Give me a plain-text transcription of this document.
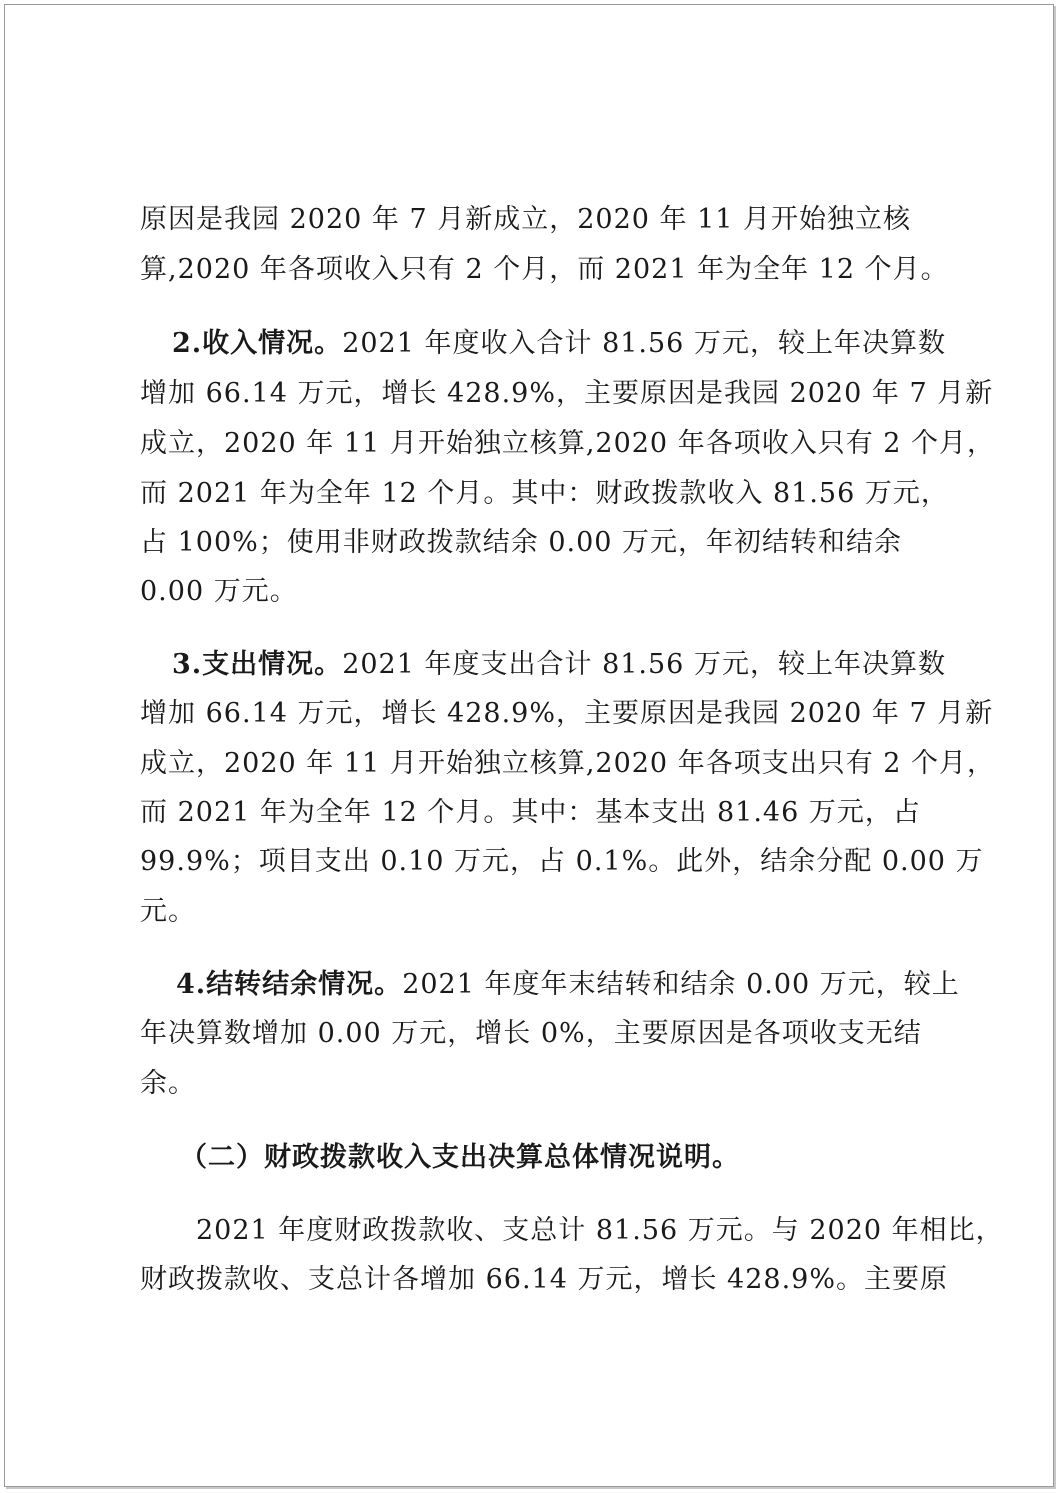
原因是我园 2020 年 7 月新成立，2020 年 11 月开始独立核
算,2020 年各项收入只有 2 个月，而 2021 年为全年 12 个月。
2.收入情况。2021 年度收入合计 81.56 万元，较上年决算数
增加 66.14 万元，增长 428.9%，主要原因是我园 2020 年 7 月新
成立，2020 年 11 月开始独立核算,2020 年各项收入只有 2 个月，
而 2021 年为全年 12 个月。其中：财政拨款收入 81.56 万元，
占 100%；使用非财政拨款结余 0.00 万元，年初结转和结余
0.00 万元。
3.支出情况。2021 年度支出合计 81.56 万元，较上年决算数
增加 66.14 万元，增长 428.9%，主要原因是我园 2020 年 7 月新
成立，2020 年 11 月开始独立核算,2020 年各项支出只有 2 个月，
而 2021 年为全年 12 个月。其中：基本支出 81.46 万元，占
99.9%；项目支出 0.10 万元，占 0.1%。此外，结余分配 0.00 万
元。
4.结转结余情况。2021 年度年末结转和结余 0.00 万元，较上
年决算数增加 0.00 万元，增长 0%，主要原因是各项收支无结
余。
（二）财政拨款收入支出决算总体情况说明。
2021 年度财政拨款收、支总计 81.56 万元。与 2020 年相比，
财政拨款收、支总计各增加 66.14 万元，增长 428.9%。主要原
